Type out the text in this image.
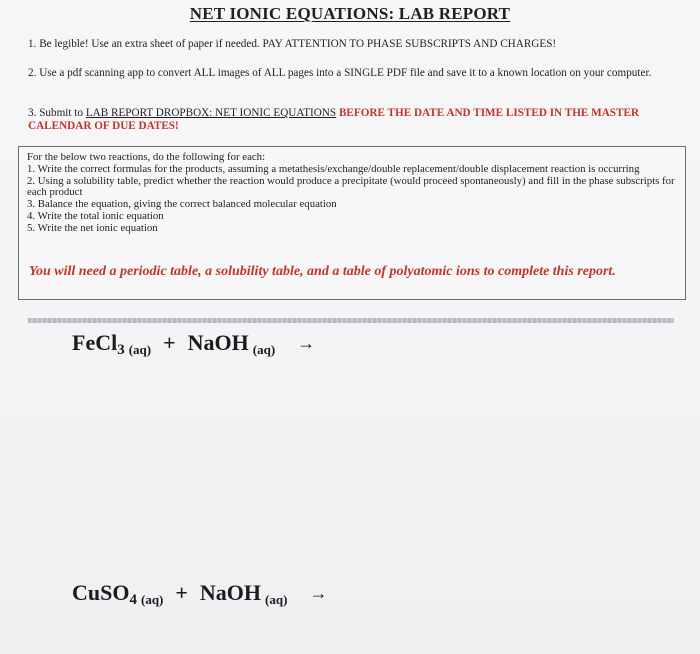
NET IONIC EQUATIONS: LAB REPORT
1. Be legible! Use an extra sheet of paper if needed. PAY ATTENTION TO PHASE SUBSCRIPTS AND CHARGES!
2. Use a pdf scanning app to convert ALL images of ALL pages into a SINGLE PDF file and save it to a known location on your computer.
3. Submit to LAB REPORT DROPBOX: NET IONIC EQUATIONS BEFORE THE DATE AND TIME LISTED IN THE MASTER CALENDAR OF DUE DATES!
For the below two reactions, do the following for each:
1. Write the correct formulas for the products, assuming a metathesis/exchange/double replacement/double displacement reaction is occurring
2. Using a solubility table, predict whether the reaction would produce a precipitate (would proceed spontaneously) and fill in the phase subscripts for each product
3. Balance the equation, giving the correct balanced molecular equation
4. Write the total ionic equation
5. Write the net ionic equation
You will need a periodic table, a solubility table, and a table of polyatomic ions to complete this report.
FeCl$_3$ (aq) + NaOH (aq) →
CuSO$_4$ (aq) + NaOH (aq) →
